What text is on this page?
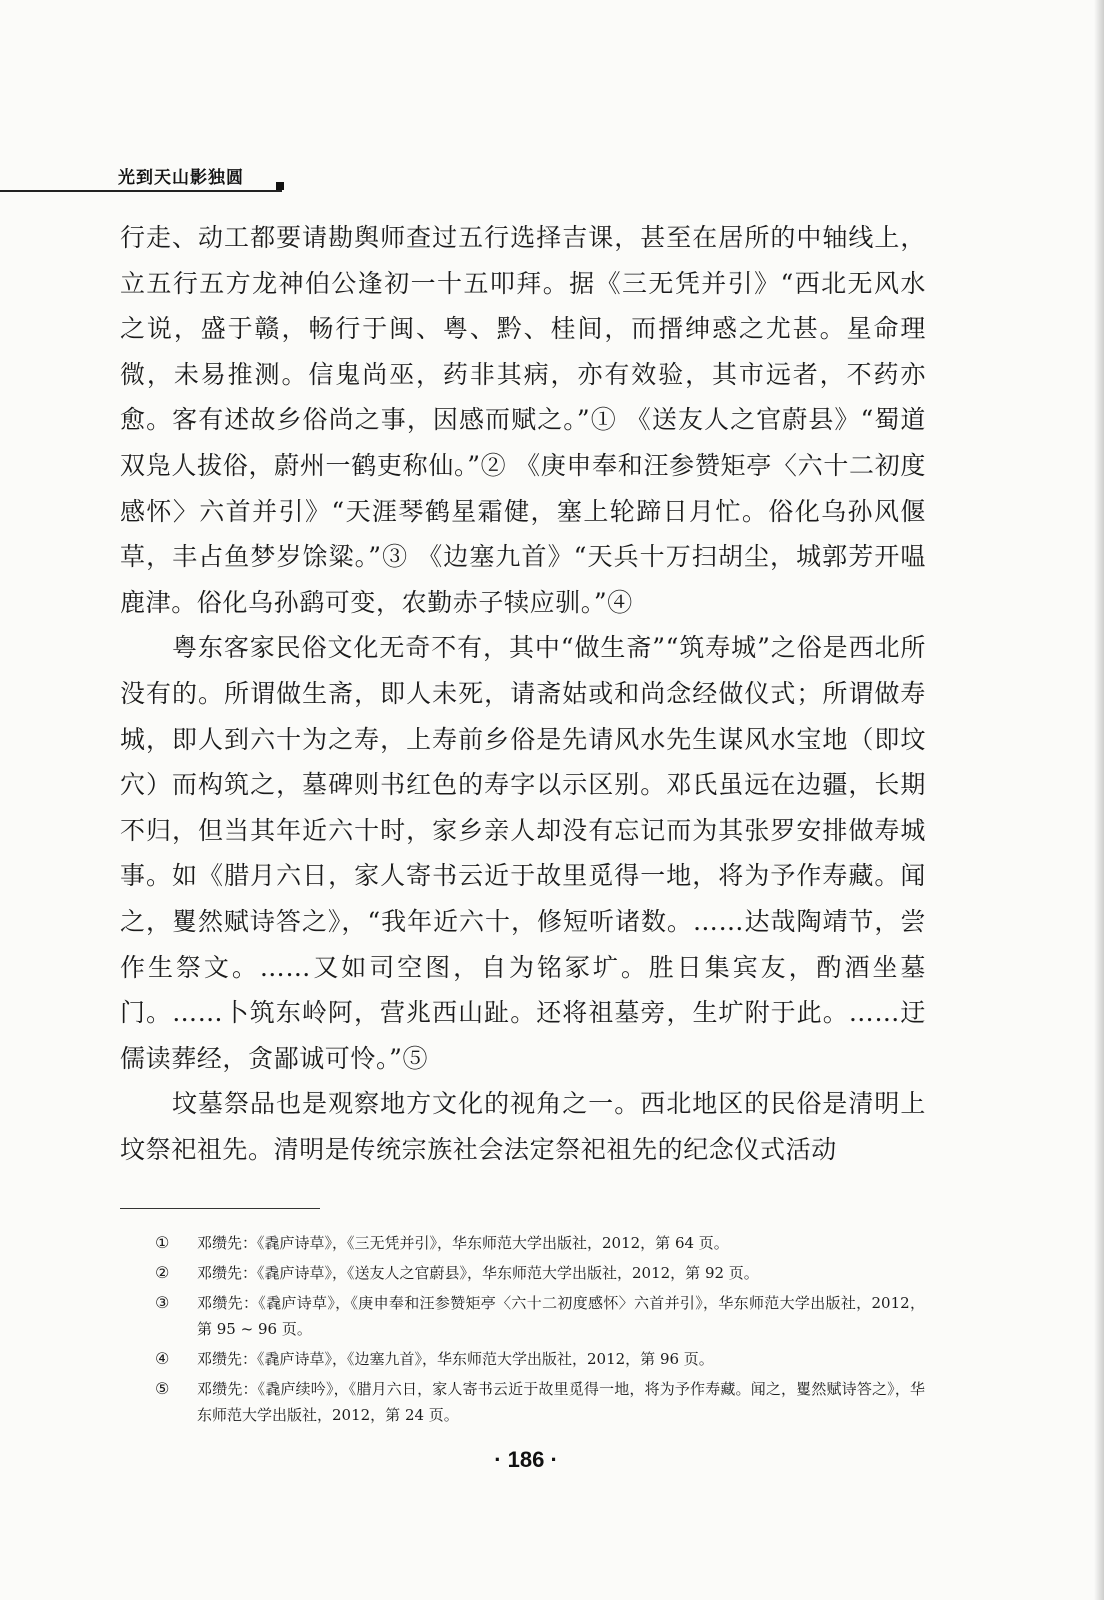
光到天山影独圆

行走、动工都要请勘舆师查过五行选择吉课，甚至在居所的中轴线上，立五行五方龙神伯公逢初一十五叩拜。据《三无凭并引》“西北无风水之说，盛于赣，畅行于闽、粤、黔、桂间，而搢绅惑之尤甚。星命理微，未易推测。信鬼尚巫，药非其病，亦有效验，其市远者，不药亦愈。客有述故乡俗尚之事，因感而赋之。”① 《送友人之官蔚县》“蜀道双凫人拔俗，蔚州一鹤吏称仙。”② 《庚申奉和汪参赞矩亭〈六十二初度感怀〉六首并引》“天涯琴鹤星霜健，塞上轮蹄日月忙。俗化乌孙风偃草，丰占鱼梦岁馀粱。”③ 《边塞九首》“天兵十万扫胡尘，城郭芳开嗢鹿津。俗化乌孙鹞可变，农勤赤子犊应驯。”④

粤东客家民俗文化无奇不有，其中“做生斋”“筑寿城”之俗是西北所没有的。所谓做生斋，即人未死，请斋姑或和尚念经做仪式；所谓做寿城，即人到六十为之寿，上寿前乡俗是先请风水先生谋风水宝地（即坟穴）而构筑之，墓碑则书红色的寿字以示区别。邓氏虽远在边疆，长期不归，但当其年近六十时，家乡亲人却没有忘记而为其张罗安排做寿城事。如《腊月六日，家人寄书云近于故里觅得一地，将为予作寿藏。闻之，矍然赋诗答之》，“我年近六十，修短听诸数。……达哉陶靖节，尝作生祭文。……又如司空图，自为铭冢圹。胜日集宾友，酌酒坐墓门。……卜筑东岭阿，营兆西山趾。还将祖墓旁，生圹附于此。……迂儒读葬经，贪鄙诚可怜。”⑤

坟墓祭品也是观察地方文化的视角之一。西北地区的民俗是清明上坟祭祀祖先。清明是传统宗族社会法定祭祀祖先的纪念仪式活动

① 邓缵先：《毳庐诗草》，《三无凭并引》，华东师范大学出版社，2012，第 64 页。
② 邓缵先：《毳庐诗草》，《送友人之官蔚县》，华东师范大学出版社，2012，第 92 页。
③ 邓缵先：《毳庐诗草》，《庚申奉和汪参赞矩亭〈六十二初度感怀〉六首并引》，华东师范大学出版社，2012，第 95 ~ 96 页。
④ 邓缵先：《毳庐诗草》，《边塞九首》，华东师范大学出版社，2012，第 96 页。
⑤ 邓缵先：《毳庐续吟》，《腊月六日，家人寄书云近于故里觅得一地，将为予作寿藏。闻之，矍然赋诗答之》，华东师范大学出版社，2012，第 24 页。
· 186 ·
